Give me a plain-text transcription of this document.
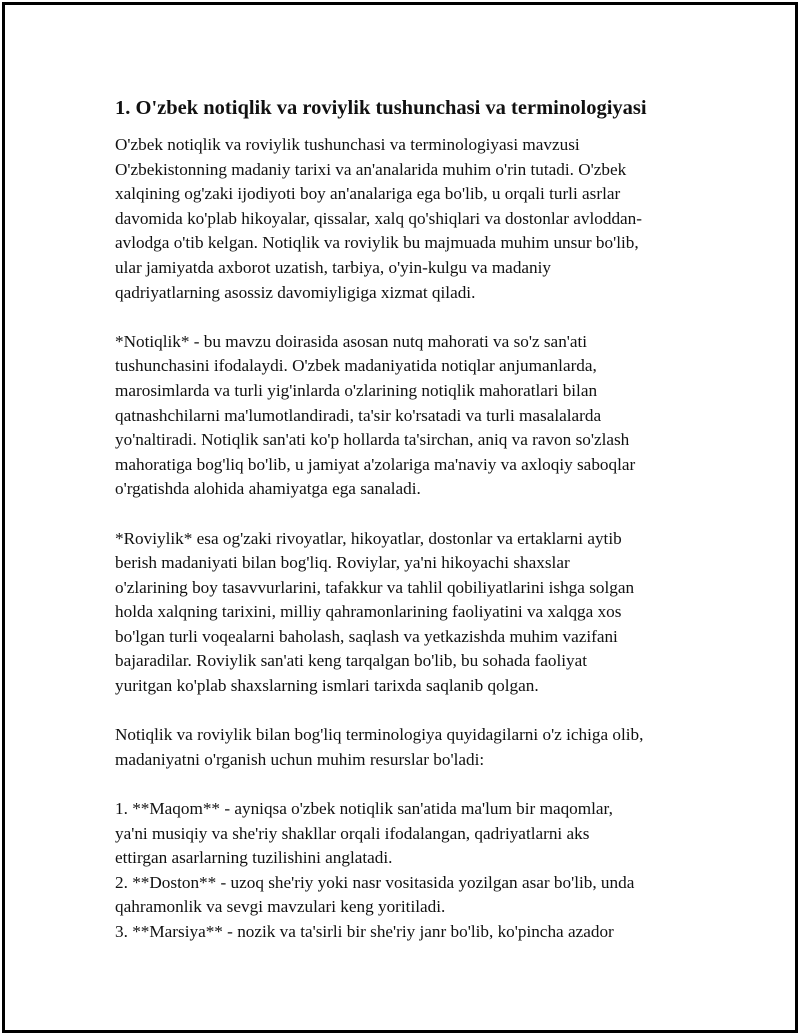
1. O'zbek notiqlik va roviylik tushunchasi va terminologiyasi
O'zbek notiqlik va roviylik tushunchasi va terminologiyasi mavzusi
O'zbekistonning madaniy tarixi va an'analarida muhim o'rin tutadi. O'zbek
xalqining og'zaki ijodiyoti boy an'analariga ega bo'lib, u orqali turli asrlar
davomida ko'plab hikoyalar, qissalar, xalq qo'shiqlari va dostonlar avloddan-
avlodga o'tib kelgan. Notiqlik va roviylik bu majmuada muhim unsur bo'lib,
ular jamiyatda axborot uzatish, tarbiya, o'yin-kulgu va madaniy
qadriyatlarning asossiz davomiyligiga xizmat qiladi.
*Notiqlik* - bu mavzu doirasida asosan nutq mahorati va so'z san'ati
tushunchasini ifodalaydi. O'zbek madaniyatida notiqlar anjumanlarda,
marosimlarda va turli yig'inlarda o'zlarining notiqlik mahoratlari bilan
qatnashchilarni ma'lumotlandiradi, ta'sir ko'rsatadi va turli masalalarda
yo'naltiradi. Notiqlik san'ati ko'p hollarda ta'sirchan, aniq va ravon so'zlash
mahoratiga bog'liq bo'lib, u jamiyat a'zolariga ma'naviy va axloqiy saboqlar
o'rgatishda alohida ahamiyatga ega sanaladi.
*Roviylik* esa og'zaki rivoyatlar, hikoyatlar, dostonlar va ertaklarni aytib
berish madaniyati bilan bog'liq. Roviylar, ya'ni hikoyachi shaxslar
o'zlarining boy tasavvurlarini, tafakkur va tahlil qobiliyatlarini ishga solgan
holda xalqning tarixini, milliy qahramonlarining faoliyatini va xalqga xos
bo'lgan turli voqealarni baholash, saqlash va yetkazishda muhim vazifani
bajaradilar. Roviylik san'ati keng tarqalgan bo'lib, bu sohada faoliyat
yuritgan ko'plab shaxslarning ismlari tarixda saqlanib qolgan.
Notiqlik va roviylik bilan bog'liq terminologiya quyidagilarni o'z ichiga olib,
madaniyatni o'rganish uchun muhim resurslar bo'ladi:
1. **Maqom** - ayniqsa o'zbek notiqlik san'atida ma'lum bir maqomlar,
ya'ni musiqiy va she'riy shakllar orqali ifodalangan, qadriyatlarni aks
ettirgan asarlarning tuzilishini anglatadi.
2. **Doston** - uzoq she'riy yoki nasr vositasida yozilgan asar bo'lib, unda
qahramonlik va sevgi mavzulari keng yoritiladi.
3. **Marsiya** - nozik va ta'sirli bir she'riy janr bo'lib, ko'pincha azador
